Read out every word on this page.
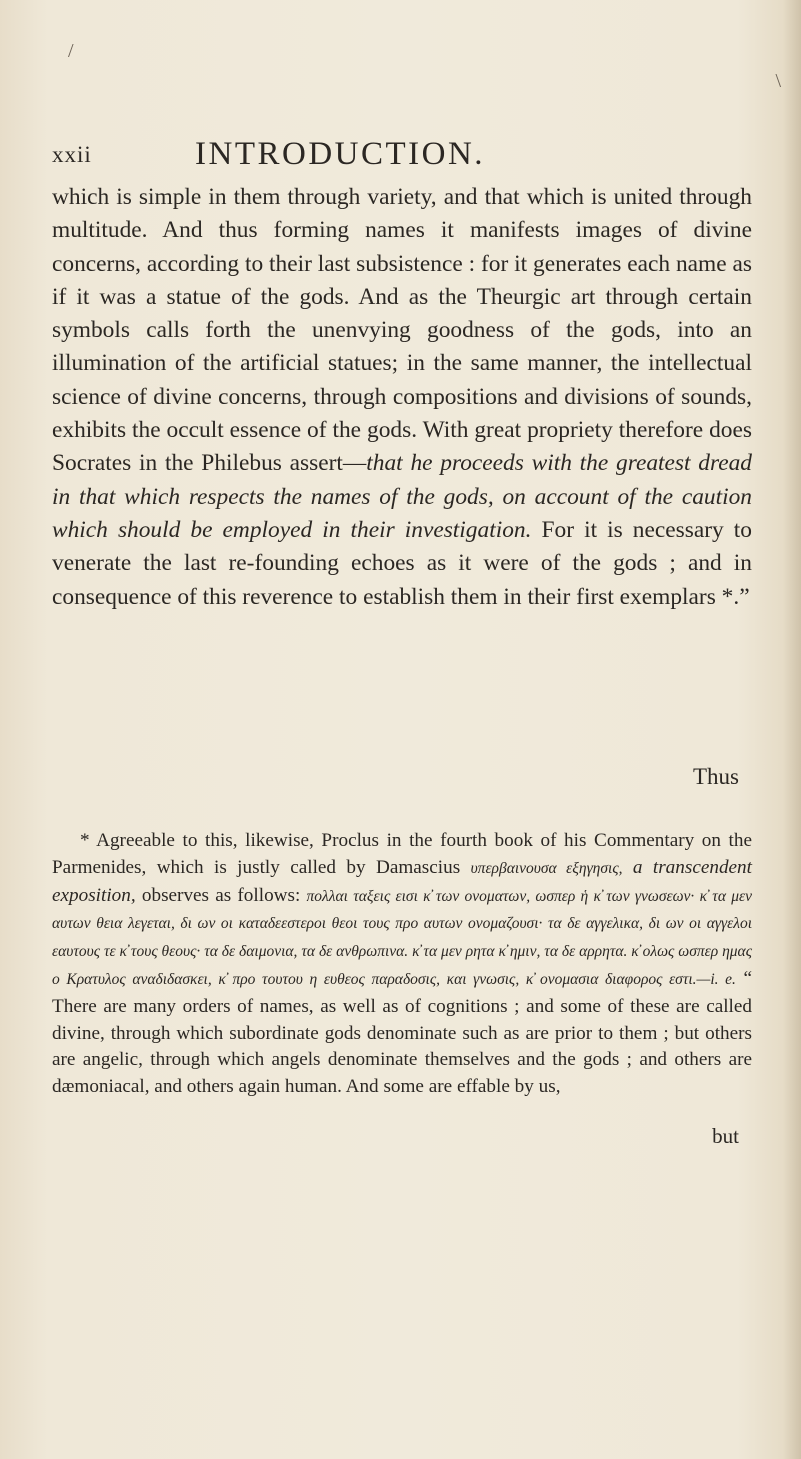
/
\
xxii	INTRODUCTION.

which is simple in them through variety, and that which is united through multitude. And thus forming names it manifests images of divine concerns, according to their last subsistence : for it generates each name as if it was a statue of the gods. And as the Theurgic art through certain symbols calls forth the unenvying goodness of the gods, into an illumination of the artificial statues; in the same manner, the intellectual science of divine concerns, through compositions and divisions of sounds, exhibits the occult essence of the gods. With great propriety therefore does Socrates in the Philebus assert—that he proceeds with the greatest dread in that which respects the names of the gods, on account of the caution which should be employed in their investigation. For it is necessary to venerate the last re-founding echoes as it were of the gods ; and in consequence of this reverence to establish them in their first exemplars *.”

Thus

* Agreeable to this, likewise, Proclus in the fourth book of his Commentary on the Parmenides, which is justly called by Damascius υπερβαινουσα εξηγησις, a transcendent exposition, observes as follows: πολλαι ταξεις εισι κ̓ των ονοματων, ωσπερ ἡ κ̓ των γνωσεων· κ̓ τα μεν αυτων θεια λεγεται, δι ων οι καταδεεστεροι θεοι τους προ αυτων ονομαζουσι· τα δε αγγελικα, δι ων οι αγγελοι εαυτους τε κ̓ τους θεους· τα δε δαιμονια, τα δε ανθρωπινα. κ̓ τα μεν ρητα κ̓ ημιν, τα δε αρρητα. κ̓ ολως ωσπερ ημας ο Κρατυλος αναδιδασκει, κ̓ προ τουτου η ευθεος παραδοσις, και γνωσις, κ̓ ονομασια διαφορος εστι.—i. e. “ There are many orders of names, as well as of cognitions ; and some of these are called divine, through which subordinate gods denominate such as are prior to them ; but others are angelic, through which angels denominate themselves and the gods ; and others are dæmoniacal, and others again human. And some are effable by us,

but
